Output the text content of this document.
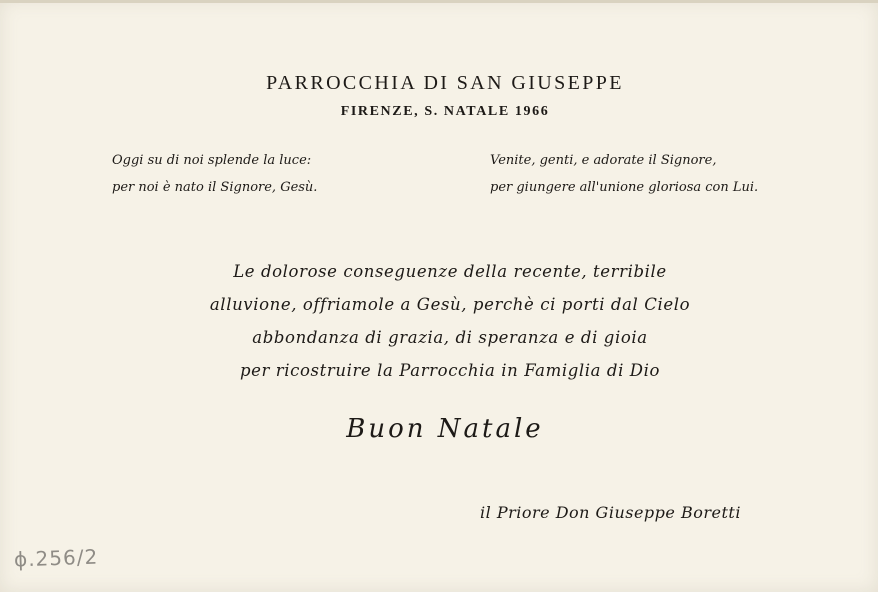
PARROCCHIA DI SAN GIUSEPPE
FIRENZE, S. NATALE 1966
Oggi su di noi splende la luce:
per noi è nato il Signore, Gesù.
Venite, genti, e adorate il Signore,
per giungere all'unione gloriosa con Lui.
Le dolorose conseguenze della recente, terribile
alluvione, offriamole a Gesù, perchè ci porti dal Cielo
abbondanza di grazia, di speranza e di gioia
per ricostruire la Parrocchia in Famiglia di Dio
Buon Natale
il Priore Don Giuseppe Boretti
ϕ.256/2
